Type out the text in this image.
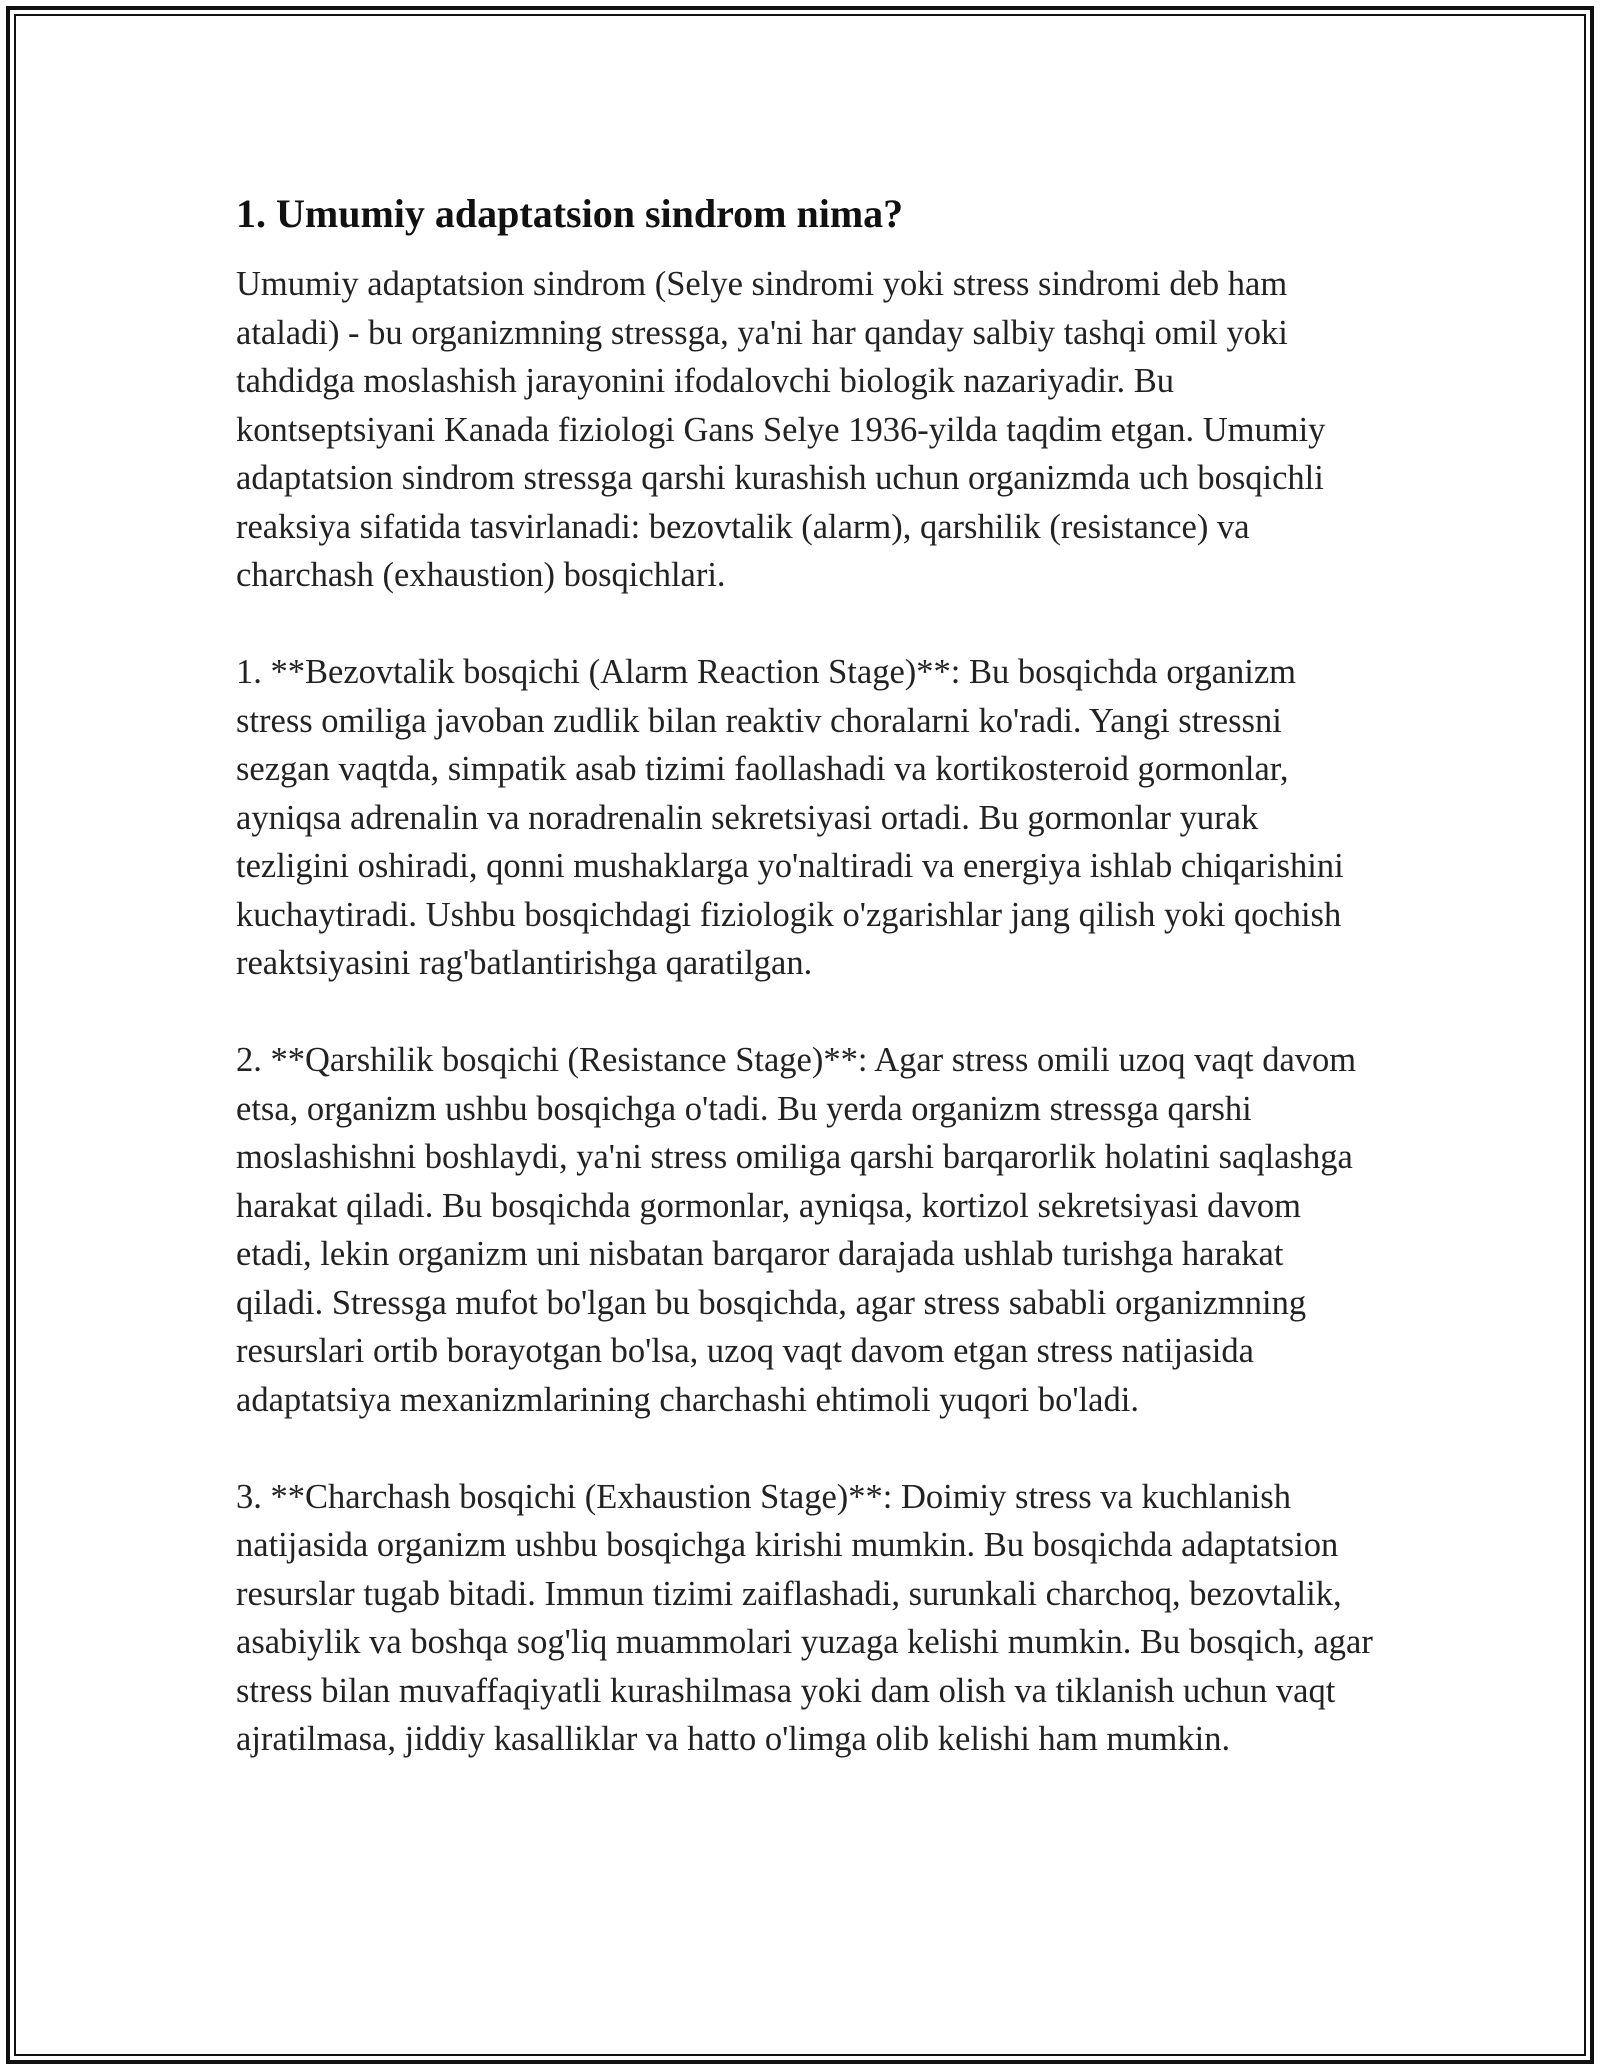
1. Umumiy adaptatsion sindrom nima?

Umumiy adaptatsion sindrom (Selye sindromi yoki stress sindromi deb ham ataladi) - bu organizmning stressga, ya'ni har qanday salbiy tashqi omil yoki tahdidga moslashish jarayonini ifodalovchi biologik nazariyadir. Bu kontseptsiyani Kanada fiziologi Gans Selye 1936-yilda taqdim etgan. Umumiy adaptatsion sindrom stressga qarshi kurashish uchun organizmda uch bosqichli reaksiya sifatida tasvirlanadi: bezovtalik (alarm), qarshilik (resistance) va charchash (exhaustion) bosqichlari.

1. **Bezovtalik bosqichi (Alarm Reaction Stage)**: Bu bosqichda organizm stress omiliga javoban zudlik bilan reaktiv choralarni ko'radi. Yangi stressni sezgan vaqtda, simpatik asab tizimi faollashadi va kortikosteroid gormonlar, ayniqsa adrenalin va noradrenalin sekretsiyasi ortadi. Bu gormonlar yurak tezligini oshiradi, qonni mushaklarga yo'naltiradi va energiya ishlab chiqarishini kuchaytiradi. Ushbu bosqichdagi fiziologik o'zgarishlar jang qilish yoki qochish reaktsiyasini rag'batlantirishga qaratilgan.

2. **Qarshilik bosqichi (Resistance Stage)**: Agar stress omili uzoq vaqt davom etsa, organizm ushbu bosqichga o'tadi. Bu yerda organizm stressga qarshi moslashishni boshlaydi, ya'ni stress omiliga qarshi barqarorlik holatini saqlashga harakat qiladi. Bu bosqichda gormonlar, ayniqsa, kortizol sekretsiyasi davom etadi, lekin organizm uni nisbatan barqaror darajada ushlab turishga harakat qiladi. Stressga mufot bo'lgan bu bosqichda, agar stress sababli organizmning resurslari ortib borayotgan bo'lsa, uzoq vaqt davom etgan stress natijasida adaptatsiya mexanizmlarining charchashi ehtimoli yuqori bo'ladi.

3. **Charchash bosqichi (Exhaustion Stage)**: Doimiy stress va kuchlanish natijasida organizm ushbu bosqichga kirishi mumkin. Bu bosqichda adaptatsion resurslar tugab bitadi. Immun tizimi zaiflashadi, surunkali charchoq, bezovtalik, asabiylik va boshqa sog'liq muammolari yuzaga kelishi mumkin. Bu bosqich, agar stress bilan muvaffaqiyatli kurashilmasa yoki dam olish va tiklanish uchun vaqt ajratilmasa, jiddiy kasalliklar va hatto o'limga olib kelishi ham mumkin.
